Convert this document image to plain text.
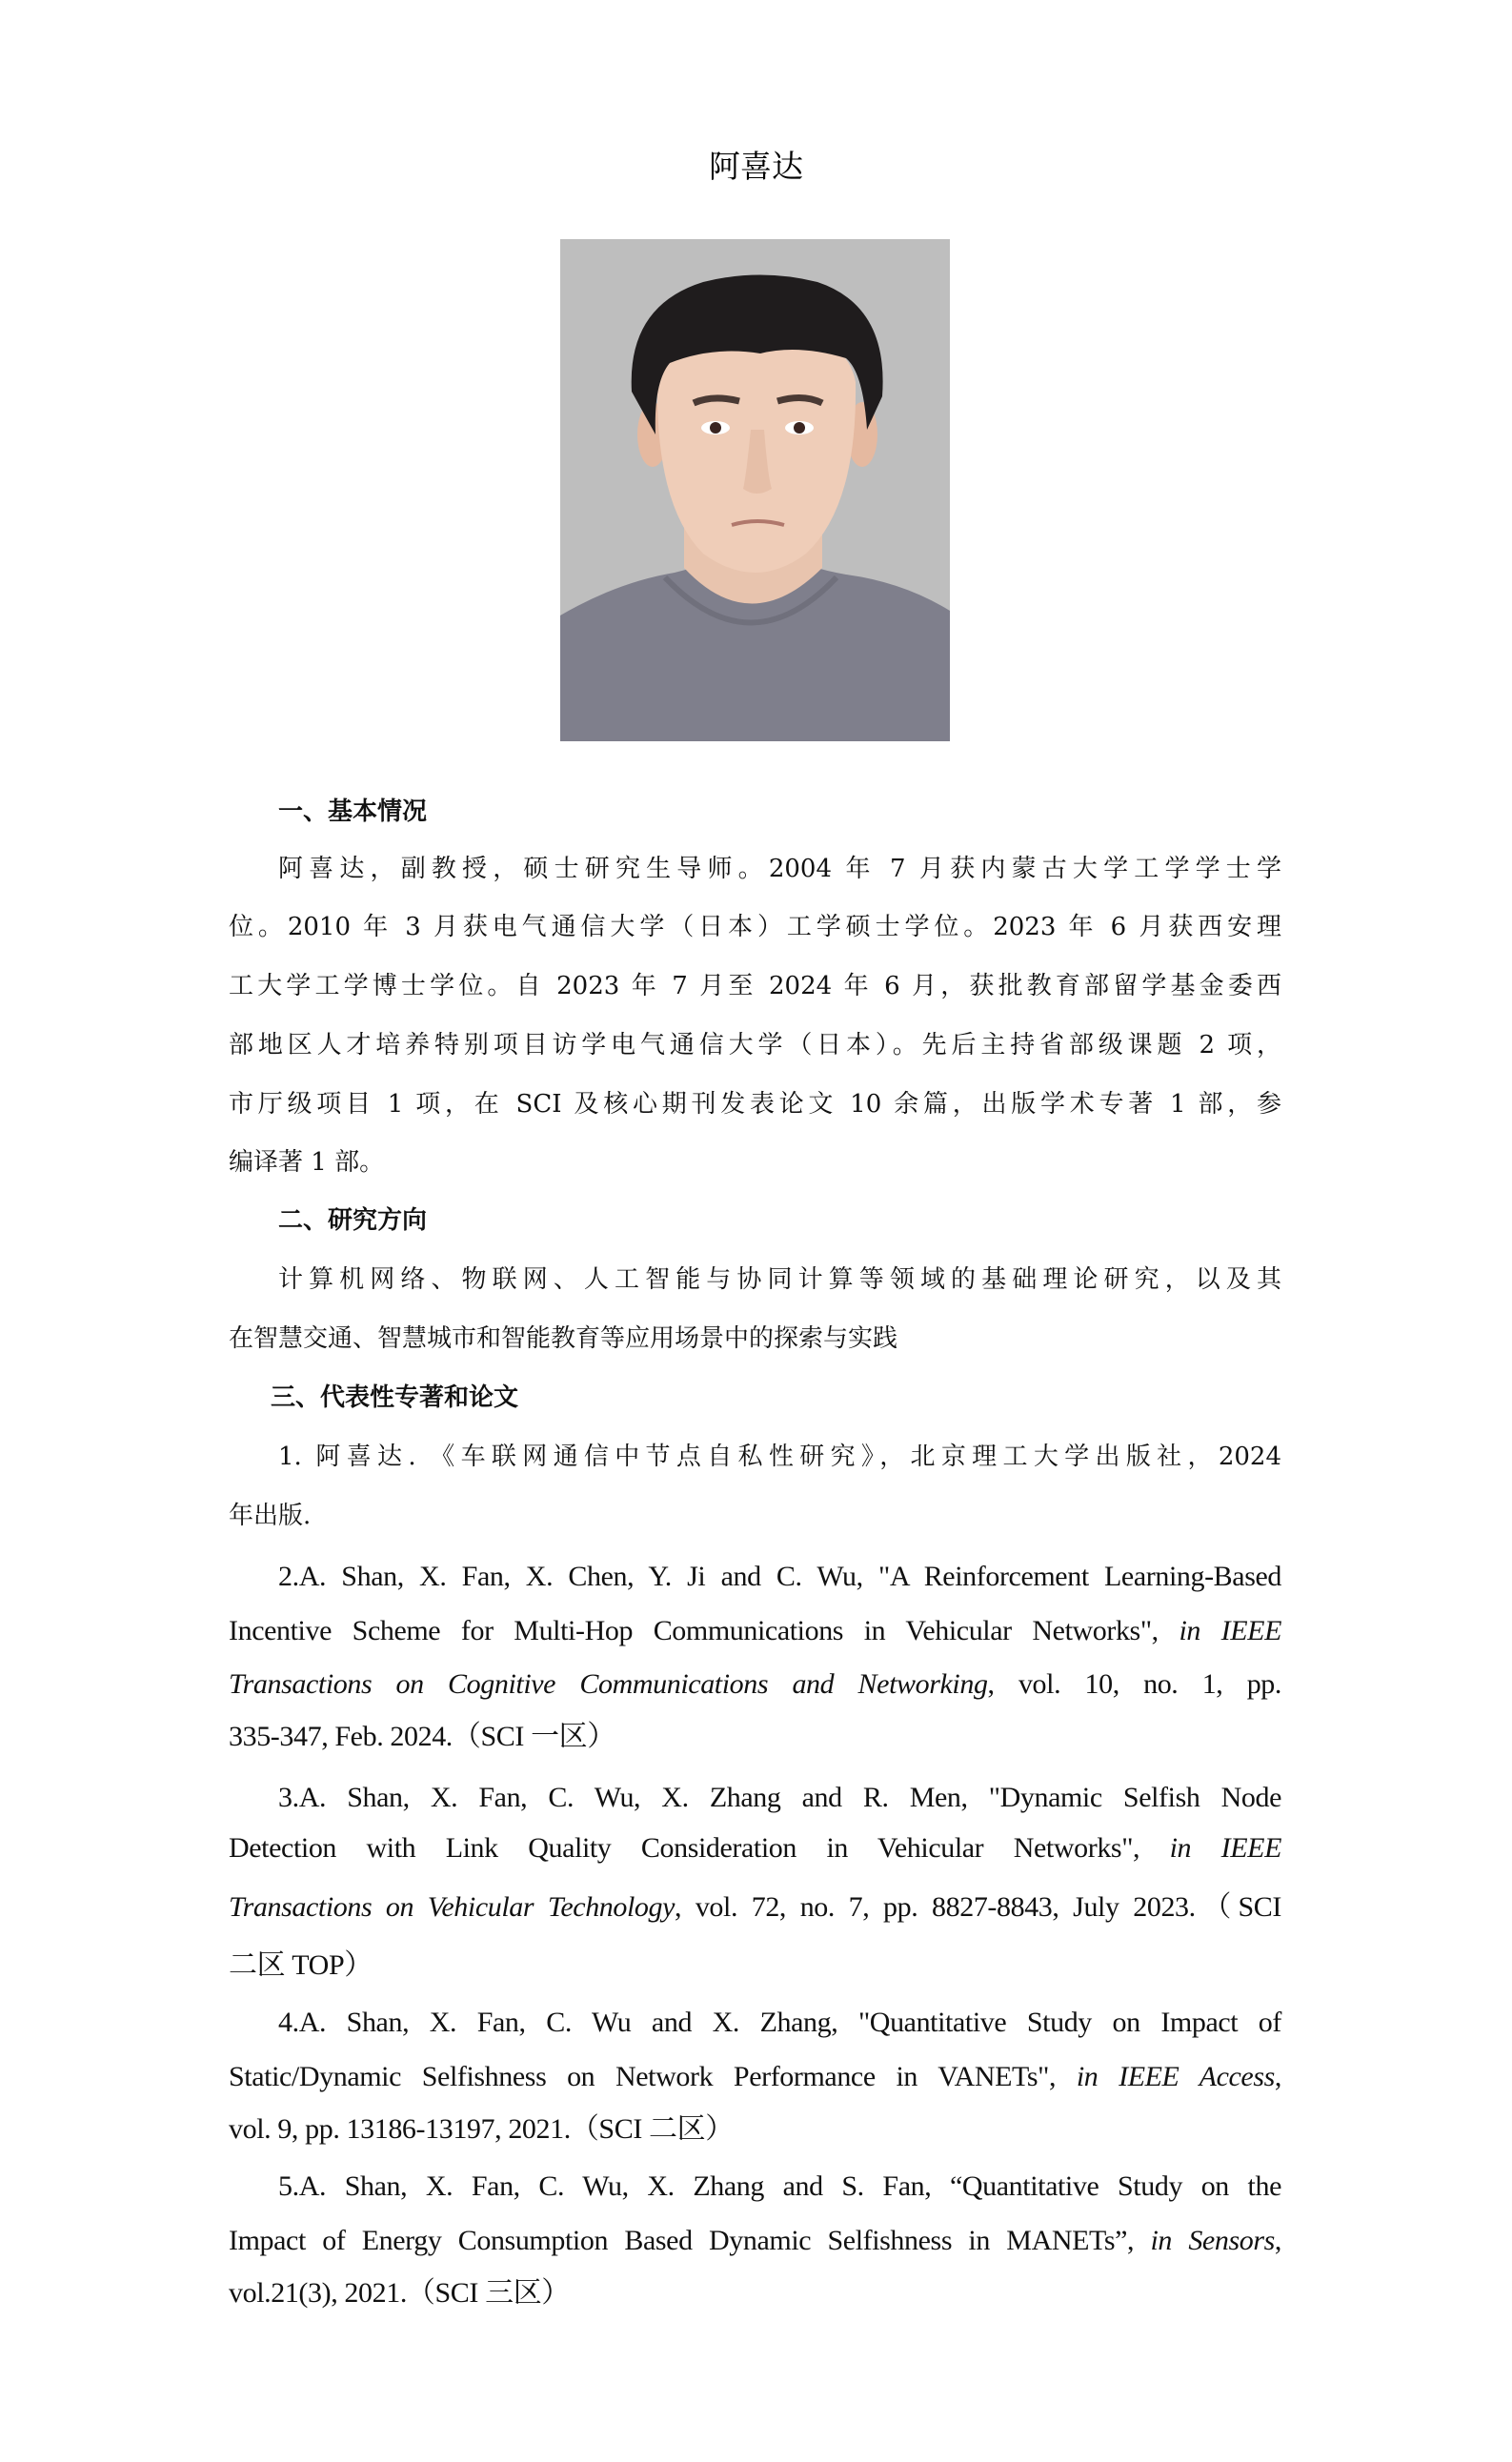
阿喜达
一、基本情况
阿喜达，副教授，硕士研究生导师。2004 年 7 月获内蒙古大学工学学士学
位。2010 年 3 月获电气通信大学（日本）工学硕士学位。2023 年 6 月获西安理
工大学工学博士学位。自 2023 年 7 月至 2024 年 6 月，获批教育部留学基金委西
部地区人才培养特别项目访学电气通信大学（日本）。先后主持省部级课题 2 项，
市厅级项目 1 项，在 SCI 及核心期刊发表论文 10 余篇，出版学术专著 1 部，参
编译著 1 部。
二、研究方向
计算机网络、物联网、人工智能与协同计算等领域的基础理论研究，以及其
在智慧交通、智慧城市和智能教育等应用场景中的探索与实践
三、代表性专著和论文
1. 阿喜达. 《车联网通信中节点自私性研究》，北京理工大学出版社，2024
年出版.
2.A. Shan, X. Fan, X. Chen, Y. Ji and C. Wu, "A Reinforcement Learning-Based
Incentive Scheme for Multi-Hop Communications in Vehicular Networks", in IEEE
Transactions on Cognitive Communications and Networking, vol. 10, no. 1, pp.
335-347, Feb. 2024.（SCI 一区）
3.A. Shan, X. Fan, C. Wu, X. Zhang and R. Men, "Dynamic Selfish Node
Detection with Link Quality Consideration in Vehicular Networks", in IEEE
Transactions on Vehicular Technology, vol. 72, no. 7, pp. 8827-8843, July 2023.（SCI
二区 TOP）
4.A. Shan, X. Fan, C. Wu and X. Zhang, "Quantitative Study on Impact of
Static/Dynamic Selfishness on Network Performance in VANETs", in IEEE Access,
vol. 9, pp. 13186-13197, 2021.（SCI 二区）
5.A. Shan, X. Fan, C. Wu, X. Zhang and S. Fan, “Quantitative Study on the
Impact of Energy Consumption Based Dynamic Selfishness in MANETs”, in Sensors,
vol.21(3), 2021.（SCI 三区）
